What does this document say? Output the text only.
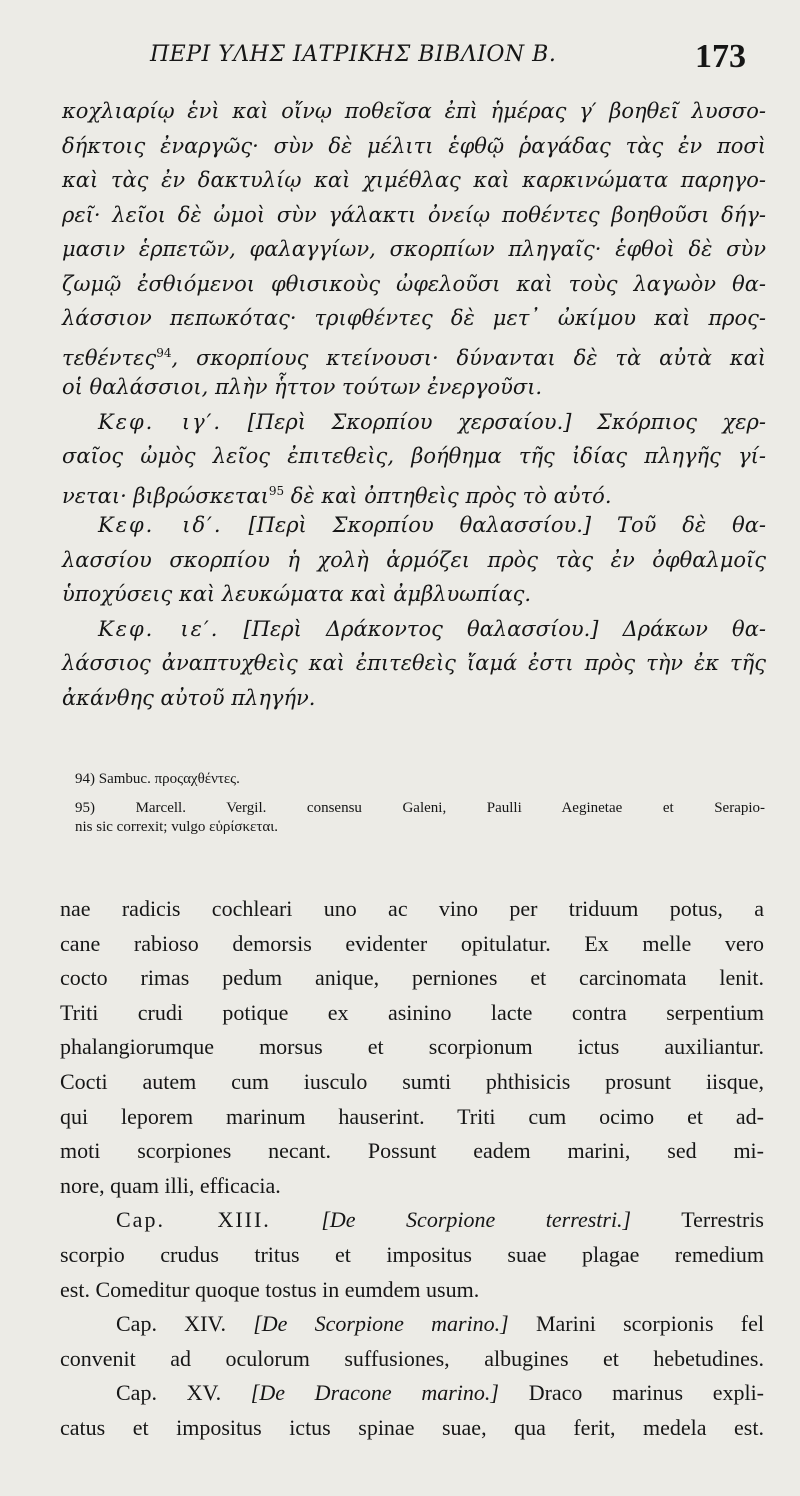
ΠΕΡΙ ΥΛΗΣ ΙΑΤΡΙΚΗΣ ΒΙΒΛΙΟΝ Β.	173
κοχλιαρίῳ ἑνὶ καὶ οἴνῳ ποθεῖσα ἐπὶ ἡμέρας γ′ βοηθεῖ λυσσο-
δήκτοις ἐναργῶς· σὺν δὲ μέλιτι ἑφθῷ ῥαγάδας τὰς ἐν ποσὶ
καὶ τὰς ἐν δακτυλίῳ καὶ χιμέθλας καὶ καρκινώματα παρηγο-
ρεῖ· λεῖοι δὲ ὠμοὶ σὺν γάλακτι ὀνείῳ ποθέντες βοηθοῦσι δήγ-
μασιν ἑρπετῶν, φαλαγγίων, σκορπίων πληγαῖς· ἑφθοὶ δὲ σὺν
ζωμῷ ἐσθιόμενοι φθισικοὺς ὠφελοῦσι καὶ τοὺς λαγωὸν θα-
λάσσιον πεπωκότας· τριφθέντες δὲ μετ᾽ ὠκίμου καὶ προς-
τεθέντες$^{94}$, σκορπίους κτείνουσι· δύνανται δὲ τὰ αὐτὰ καὶ
οἱ θαλάσσιοι, πλὴν ἧττον τούτων ἐνεργοῦσι.
Κεφ. ιγ′. [Περὶ Σκορπίου χερσαίου.] Σκόρπιος χερ-
σαῖος ὠμὸς λεῖος ἐπιτεθεὶς, βοήθημα τῆς ἰδίας πληγῆς γί-
νεται· βιβρώσκεται$^{95}$ δὲ καὶ ὀπτηθεὶς πρὸς τὸ αὐτό.
Κεφ. ιδ′. [Περὶ Σκορπίου θαλασσίου.] Τοῦ δὲ θα-
λασσίου σκορπίου ἡ χολὴ ἁρμόζει πρὸς τὰς ἐν ὀφθαλμοῖς
ὑποχύσεις καὶ λευκώματα καὶ ἀμβλυωπίας.
Κεφ. ιε′. [Περὶ Δράκοντος θαλασσίου.] Δράκων θα-
λάσσιος ἀναπτυχθεὶς καὶ ἐπιτεθεὶς ἴαμά ἐστι πρὸς τὴν ἐκ τῆς
ἀκάνθης αὐτοῦ πληγήν.
94) Sambuc. προςαχθέντες.
95)	Marcell. Vergil. consensu Galeni, Paulli Aeginetae et Serapio-
nis sic correxit; vulgo εὑρίσκεται.
nae radicis cochleari uno ac vino per triduum potus, a
cane rabioso demorsis evidenter opitulatur. Ex melle vero
cocto rimas pedum anique, perniones et carcinomata lenit.
Triti crudi potique ex asinino lacte contra serpentium
phalangiorumque morsus et scorpionum ictus auxiliantur.
Cocti autem cum iusculo sumti phthisicis prosunt iisque,
qui leporem marinum hauserint. Triti cum ocimo et ad-
moti scorpiones necant. Possunt eadem marini, sed mi-
nore, quam illi, efficacia.
Cap. XIII. [De Scorpione terrestri.] Terrestris
scorpio crudus tritus et impositus suae plagae remedium
est. Comeditur quoque tostus in eumdem usum.
Cap. XIV. [De Scorpione marino.] Marini scorpionis fel
convenit ad oculorum suffusiones, albugines et hebetudines.
Cap. XV. [De Dracone marino.] Draco marinus expli-
catus et impositus ictus spinae suae, qua ferit, medela est.
